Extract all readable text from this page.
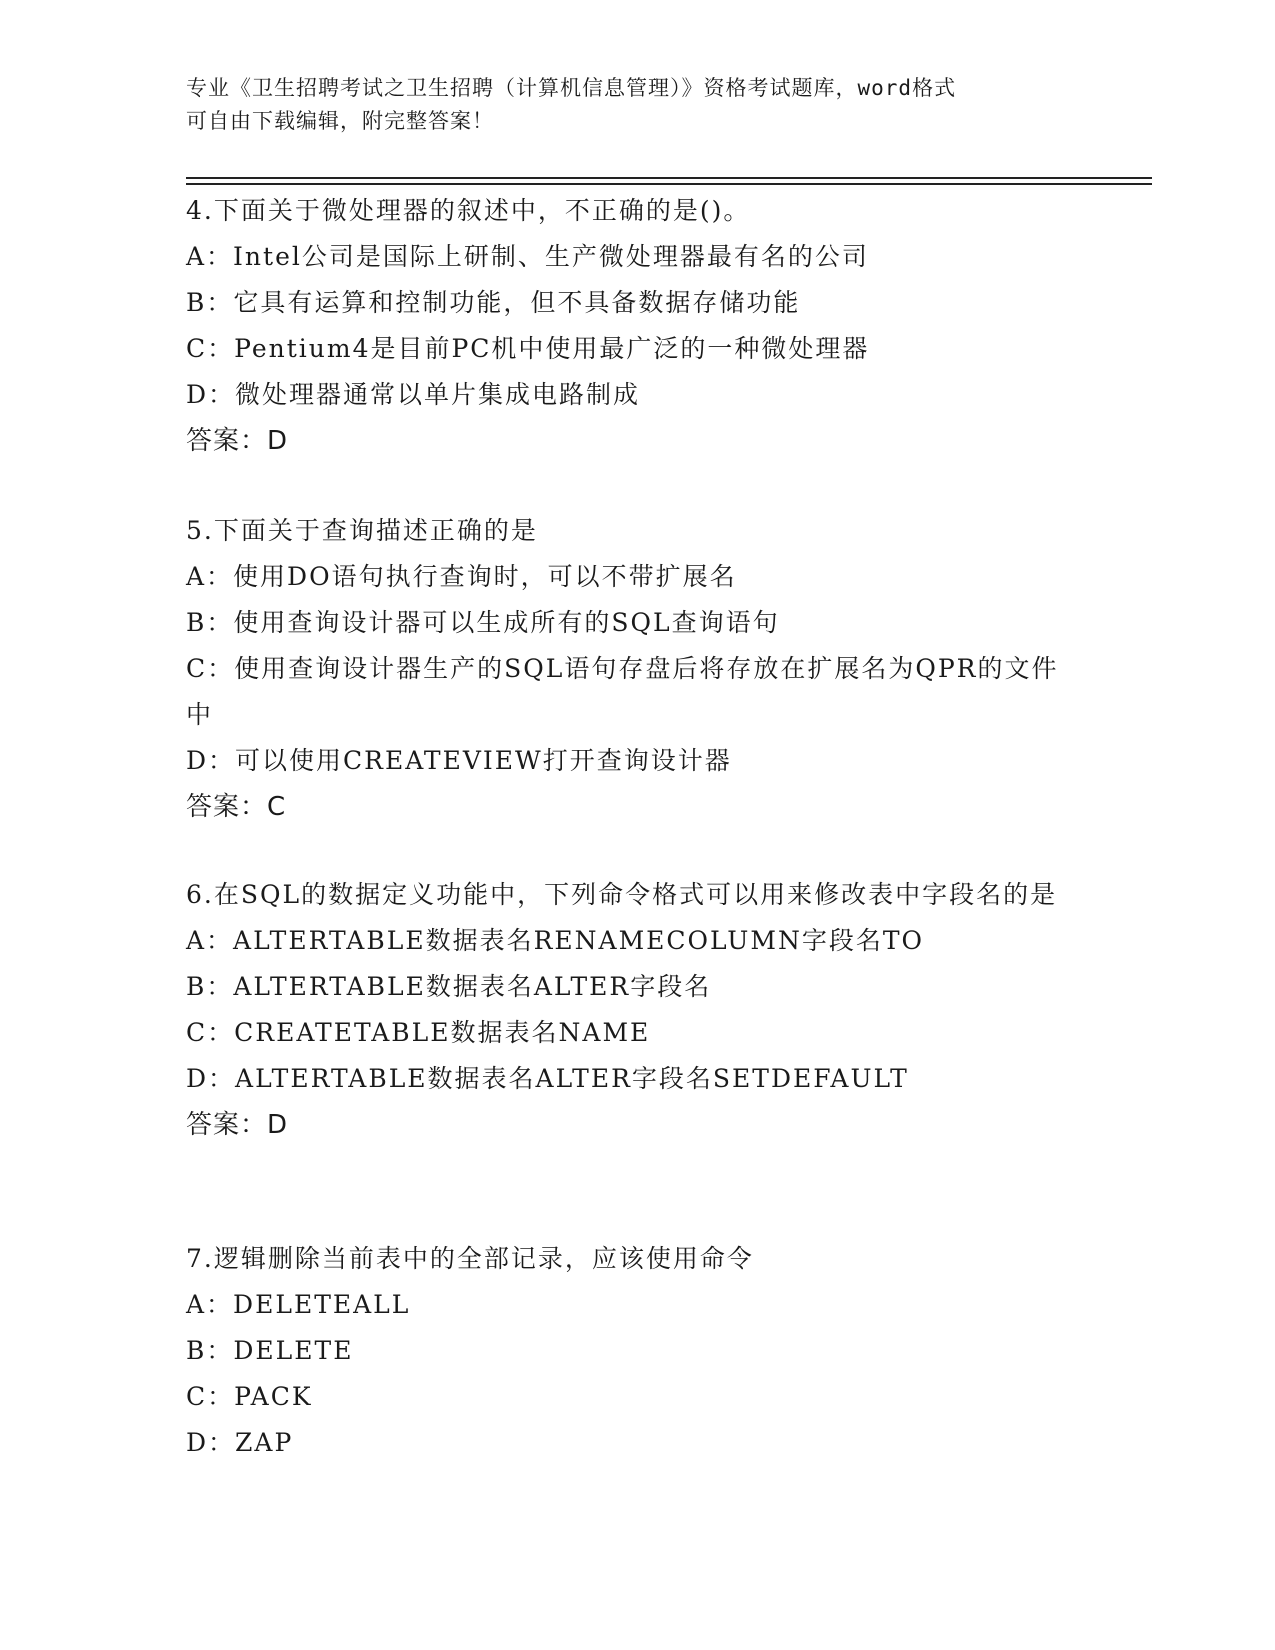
专业《卫生招聘考试之卫生招聘（计算机信息管理）》资格考试题库，word格式
可自由下载编辑，附完整答案！
4.下面关于微处理器的叙述中，不正确的是()。
A：Intel公司是国际上研制、生产微处理器最有名的公司
B：它具有运算和控制功能，但不具备数据存储功能
C：Pentium4是目前PC机中使用最广泛的一种微处理器
D：微处理器通常以单片集成电路制成
答案：D
5.下面关于查询描述正确的是
A：使用DO语句执行查询时，可以不带扩展名
B：使用查询设计器可以生成所有的SQL查询语句
C：使用查询设计器生产的SQL语句存盘后将存放在扩展名为QPR的文件中
D：可以使用CREATEVIEW打开查询设计器
答案：C
6.在SQL的数据定义功能中，下列命令格式可以用来修改表中字段名的是
A：ALTERTABLE数据表名RENAMECOLUMN字段名TO
B：ALTERTABLE数据表名ALTER字段名
C：CREATETABLE数据表名NAME
D：ALTERTABLE数据表名ALTER字段名SETDEFAULT
答案：D
7.逻辑删除当前表中的全部记录，应该使用命令
A：DELETEALL
B：DELETE
C：PACK
D：ZAP
